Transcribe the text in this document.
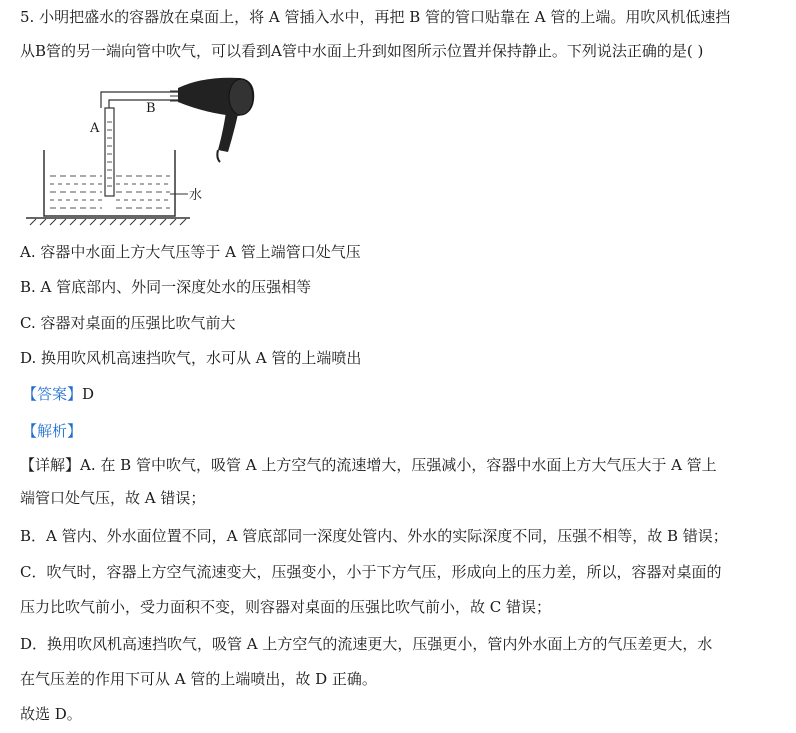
5. 小明把盛水的容器放在桌面上，将 A 管插入水中，再把 B 管的管口贴靠在 A 管的上端。用吹风机低速挡
从B管的另一端向管中吹气，可以看到A管中水面上升到如图所示位置并保持静止。下列说法正确的是( )
A
B
水
A. 容器中水面上方大气压等于 A 管上端管口处气压
B. A 管底部内、外同一深度处水的压强相等
C. 容器对桌面的压强比吹气前大
D. 换用吹风机高速挡吹气，水可从 A 管的上端喷出
【答案】D
【解析】
【详解】A. 在 B 管中吹气，吸管 A 上方空气的流速增大，压强减小，容器中水面上方大气压大于 A 管上
端管口处气压，故 A 错误；
B．A 管内、外水面位置不同，A 管底部同一深度处管内、外水的实际深度不同，压强不相等，故 B 错误；
C．吹气时，容器上方空气流速变大，压强变小，小于下方气压，形成向上的压力差，所以，容器对桌面的
压力比吹气前小，受力面积不变，则容器对桌面的压强比吹气前小，故 C 错误；
D．换用吹风机高速挡吹气，吸管 A 上方空气的流速更大，压强更小，管内外水面上方的气压差更大，水
在气压差的作用下可从 A 管的上端喷出，故 D 正确。
故选 D。
